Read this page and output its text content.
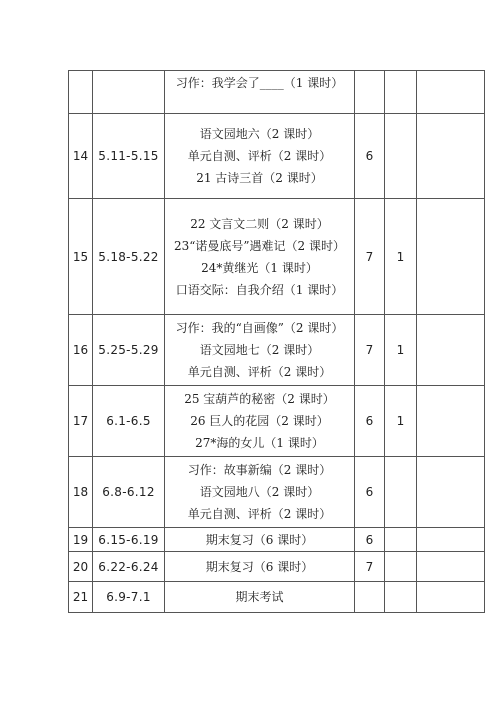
		习作：我学会了____（1 课时）			

14	5.11-5.15	语文园地六（2 课时）
单元自测、评析（2 课时）
21 古诗三首（2 课时）	6		
15	5.18-5.22	22 文言文二则（2 课时）
23“诺曼底号”遇难记（2 课时）
24*黄继光（1 课时）
口语交际：自我介绍（1 课时）	7	1	
16	5.25-5.29	习作：我的“自画像”（2 课时）
语文园地七（2 课时）
单元自测、评析（2 课时）	7	1	
17	6.1-6.5	25 宝葫芦的秘密（2 课时）
26 巨人的花园（2 课时）
27*海的女儿（1 课时）	6	1	
18	6.8-6.12	习作：故事新编（2 课时）
语文园地八（2 课时）
单元自测、评析（2 课时）	6		
19	6.15-6.19	期末复习（6 课时）	6		
20	6.22-6.24	期末复习（6 课时）	7		
21	6.9-7.1	期末考试			
